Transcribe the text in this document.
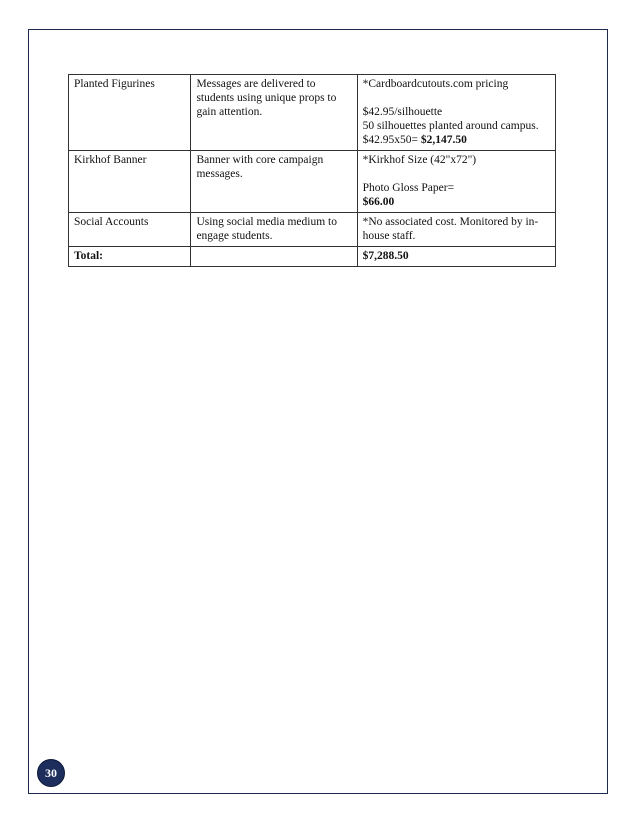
Planted Figurines	Messages are delivered to students using unique props to gain attention.	*Cardboardcutouts.com pricing
$42.95/silhouette
50 silhouettes planted around campus.
$42.95x50= $2,147.50

Kirkhof Banner	Banner with core campaign messages.	*Kirkhof Size (42"x72")
Photo Gloss Paper=
$66.00

Social Accounts	Using social media medium to engage students.	*No associated cost. Monitored by in-house staff.

Total:		$7,288.50
30
